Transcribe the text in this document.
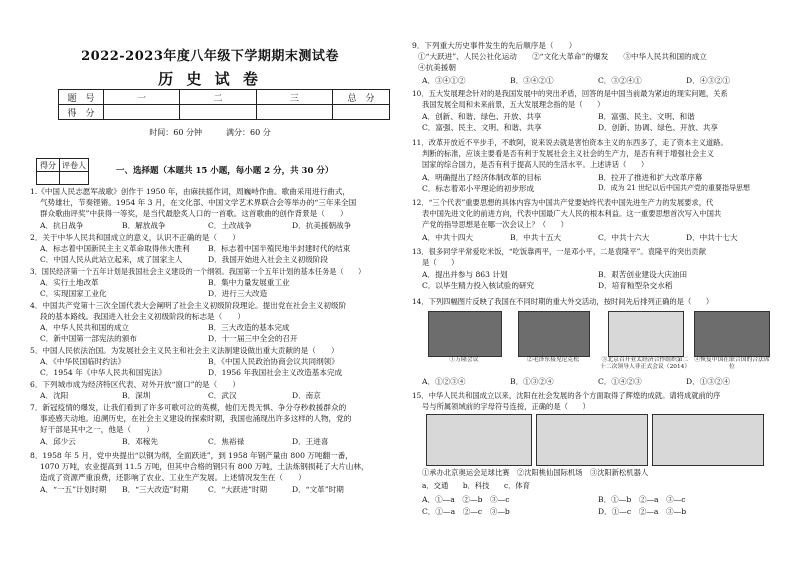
2022-2023年度八年级下学期期末测试卷
历 史 试 卷
题　号	一	二	三	总　分
得　分				
时间：60 分钟　　　满分：60 分
得分	评卷人

一、选择题（本题共 15 小题，每小题 2 分，共 30 分）
1.《中国人民志愿军战歌》创作于 1950 年，由麻扶摇作词，周巍峙作曲。歌曲采用进行曲式，
气势雄壮，节奏铿锵。1954 年 3 月，在文化部、中国文学艺术界联合会等举办的“三年来全国
群众歌曲评奖”中获得一等奖，是当代最脍炙人口的一首歌。这首歌曲的创作背景是（　　）
A．抗日战争	B．解放战争	C．土改战争	D．抗美援朝战争
2．关于中华人民共和国成立的意义，认识不正确的是（　　）
A．标志着中国新民主主义革命取得伟大胜利 B．标志着中国半殖民地半封建时代的结束
C．中国人民从此站立起来，成了国家主人	D．我国开始进入社会主义初级阶段
3．国民经济第一个五年计划是我国社会主义建设的一个纲领。我国第一个五年计划的基本任务是（　　）
A．实行土地改革	B．集中力量发展重工业
C．实现国家工业化	D．进行三大改造
4．中国共产党第十三次全国代表大会阐明了社会主义初级阶段理论。提出党在社会主义初级阶
段的基本路线。我国进入社会主义初级阶段的标志是（　　）
A．中华人民共和国的成立	B．三大改造的基本完成
C．新中国第一部宪法的颁布	D．十一届三中全会的召开
5．中国人民依法治国。为发展社会主义民主和社会主义法制建设做出重大贡献的是（　　）
A．《中华民国临时约法》	B．《中国人民政治协商会议共同纲领》
C．1954 年《中华人民共和国宪法》	D．1956 年我国社会主义改造基本完成
6．下列城市成为经济特区代表、对外开放“窗口”的是（　　）
A．沈阳	B．深圳	C．武汉	D．南京
7．新冠疫情的爆发，让我们看到了许多可歌可泣的英模，他们无畏无惧、争分夺秒救援群众的
事迹感天动地。追溯历史，在社会主义建设的探索时期，我国也涌现出许多这样的人物，党的
好干部是其中之一，他是（　　）
A．邱少云	B．邓稼先	C．焦裕禄	D．王进喜
8．1958 年 5 月，党中央提出“以钢为纲，全面跃进”，到 1958 年钢产量由 800 万吨翻一番，
1070 万吨，农业提高到 11.5 万吨，但其中合格的钢只有 800 万吨，土法炼钢损耗了大片山林，
造成了资源严重浪费，还影响了农业、工业生产发展。上述情况发生在（　　）
A．“一五”计划时期 B．“三大改造”时期	C．“大跃进”时期	D．“文革”时期
9．下列重大历史事件发生的先后顺序是（　　）
①“大跃进”、人民公社化运动　　②“文化大革命”的爆发　　③中华人民共和国的成立
④抗美援朝
A．③④①②	B．③④②①	C．③②④①	D．④③②①
10．五大发展理念针对的是我国发展中的突出矛盾，回答的是中国当前最为紧迫的现实问题，关系
我国发展全局和未来前景，五大发展理念指的是（　　）
A．创新、和谐、绿色、开放、共享	B．富强、民主、文明、和谐
C．富强、民主、文明、和谐、共享	D．创新、协调、绿色、开放、共享
11．改革开放近不平步手，不敢阿，说来说去就是害怕资本主义的东西多了，走了资本主义道路。
判断的标准，应该主要看是否有利于发展社会主义社会的生产力，是否有利于增强社会主义
国家的综合国力，是否有利于提高人民的生活水平。上述讲话（　　）
A．明确提出了经济体制改革的目标	B．拉开了推进和扩大改革序幕
C．标志着邓小平理论的初步形成	D．成为 21 世纪以后中国共产党的重要指导思想
12．“三个代表”重要思想的具体内容为中国共产党要始终代表中国先进生产力的发展要求，代
表中国先进文化的前进方向，代表中国最广大人民的根本利益。这一重要思想首次写入中国共
产党的指导思想是在哪一次会议上？（　　）
A．中共十四大	B．中共十五大	C．中共十六大	D．中共十七大
13．很多同学平常爱吃米饭，“吃饭靠两平，一是邓小平，二是袁隆平”。袁隆平的突出贡献
是（　　）
A．提出并参与 863 计划	B．艰苦创业建设大庆油田
C．以毕生精力投入核试验的研究	D．培育籼型杂交水稻
14．下列四幅图片反映了我国在不同时期的重大外交活动，按时间先后排列正确的是（　　）
①万隆会议	②毛泽东接见尼克松	③北京召开亚太经济合作组织第二十二次领导人非正式会议（2014）
④恢复中国在联合国的合法席位
A．①②③④	B．①③②④	C．①④②③	D．①③②④
15．中华人民共和国成立以来，沈阳在社会发展的各个方面取得了辉煌的成就。请将成就前的序
号与所属领域前的字母符号连接，正确的是（　　）
①承办北京奥运会足球比赛　 ②沈阳桃仙国际机场　 ③沈阳新松机器人
a．交通　　b．科技　　c．体育
A．①—a　②—b　③—c	B．①—b　②—a　③—c
C．①—a　②—c　③—b	D．①—c　②—a　③—b
